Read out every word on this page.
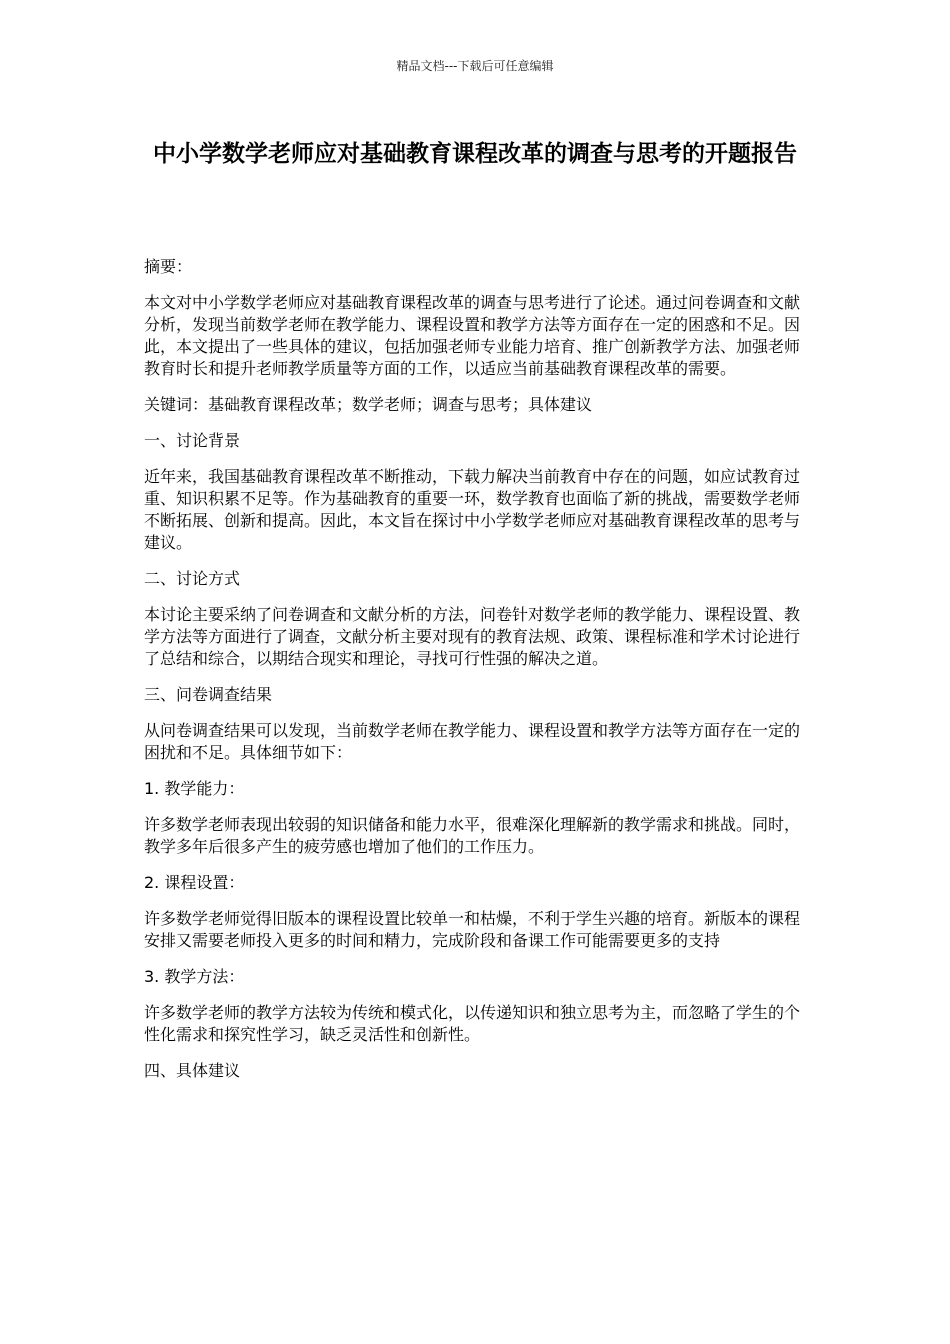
精品文档---下载后可任意编辑
中小学数学老师应对基础教育课程改革的调查与思考的开题报告

摘要：

本文对中小学数学老师应对基础教育课程改革的调查与思考进行了论述。通过问卷调查和文献分析，发现当前数学老师在教学能力、课程设置和教学方法等方面存在一定的困惑和不足。因此，本文提出了一些具体的建议，包括加强老师专业能力培育、推广创新教学方法、加强老师教育时长和提升老师教学质量等方面的工作，以适应当前基础教育课程改革的需要。

关键词：基础教育课程改革；数学老师；调查与思考；具体建议

一、讨论背景

近年来，我国基础教育课程改革不断推动，下载力解决当前教育中存在的问题，如应试教育过重、知识积累不足等。作为基础教育的重要一环，数学教育也面临了新的挑战，需要数学老师不断拓展、创新和提高。因此，本文旨在探讨中小学数学老师应对基础教育课程改革的思考与建议。

二、讨论方式

本讨论主要采纳了问卷调查和文献分析的方法，问卷针对数学老师的教学能力、课程设置、教学方法等方面进行了调查，文献分析主要对现有的教育法规、政策、课程标准和学术讨论进行了总结和综合，以期结合现实和理论，寻找可行性强的解决之道。

三、问卷调查结果

从问卷调查结果可以发现，当前数学老师在教学能力、课程设置和教学方法等方面存在一定的困扰和不足。具体细节如下：

1. 教学能力：

许多数学老师表现出较弱的知识储备和能力水平，很难深化理解新的教学需求和挑战。同时，教学多年后很多产生的疲劳感也增加了他们的工作压力。

2. 课程设置：

许多数学老师觉得旧版本的课程设置比较单一和枯燥，不利于学生兴趣的培育。新版本的课程安排又需要老师投入更多的时间和精力，完成阶段和备课工作可能需要更多的支持

3. 教学方法：

许多数学老师的教学方法较为传统和模式化，以传递知识和独立思考为主，而忽略了学生的个性化需求和探究性学习，缺乏灵活性和创新性。

四、具体建议
